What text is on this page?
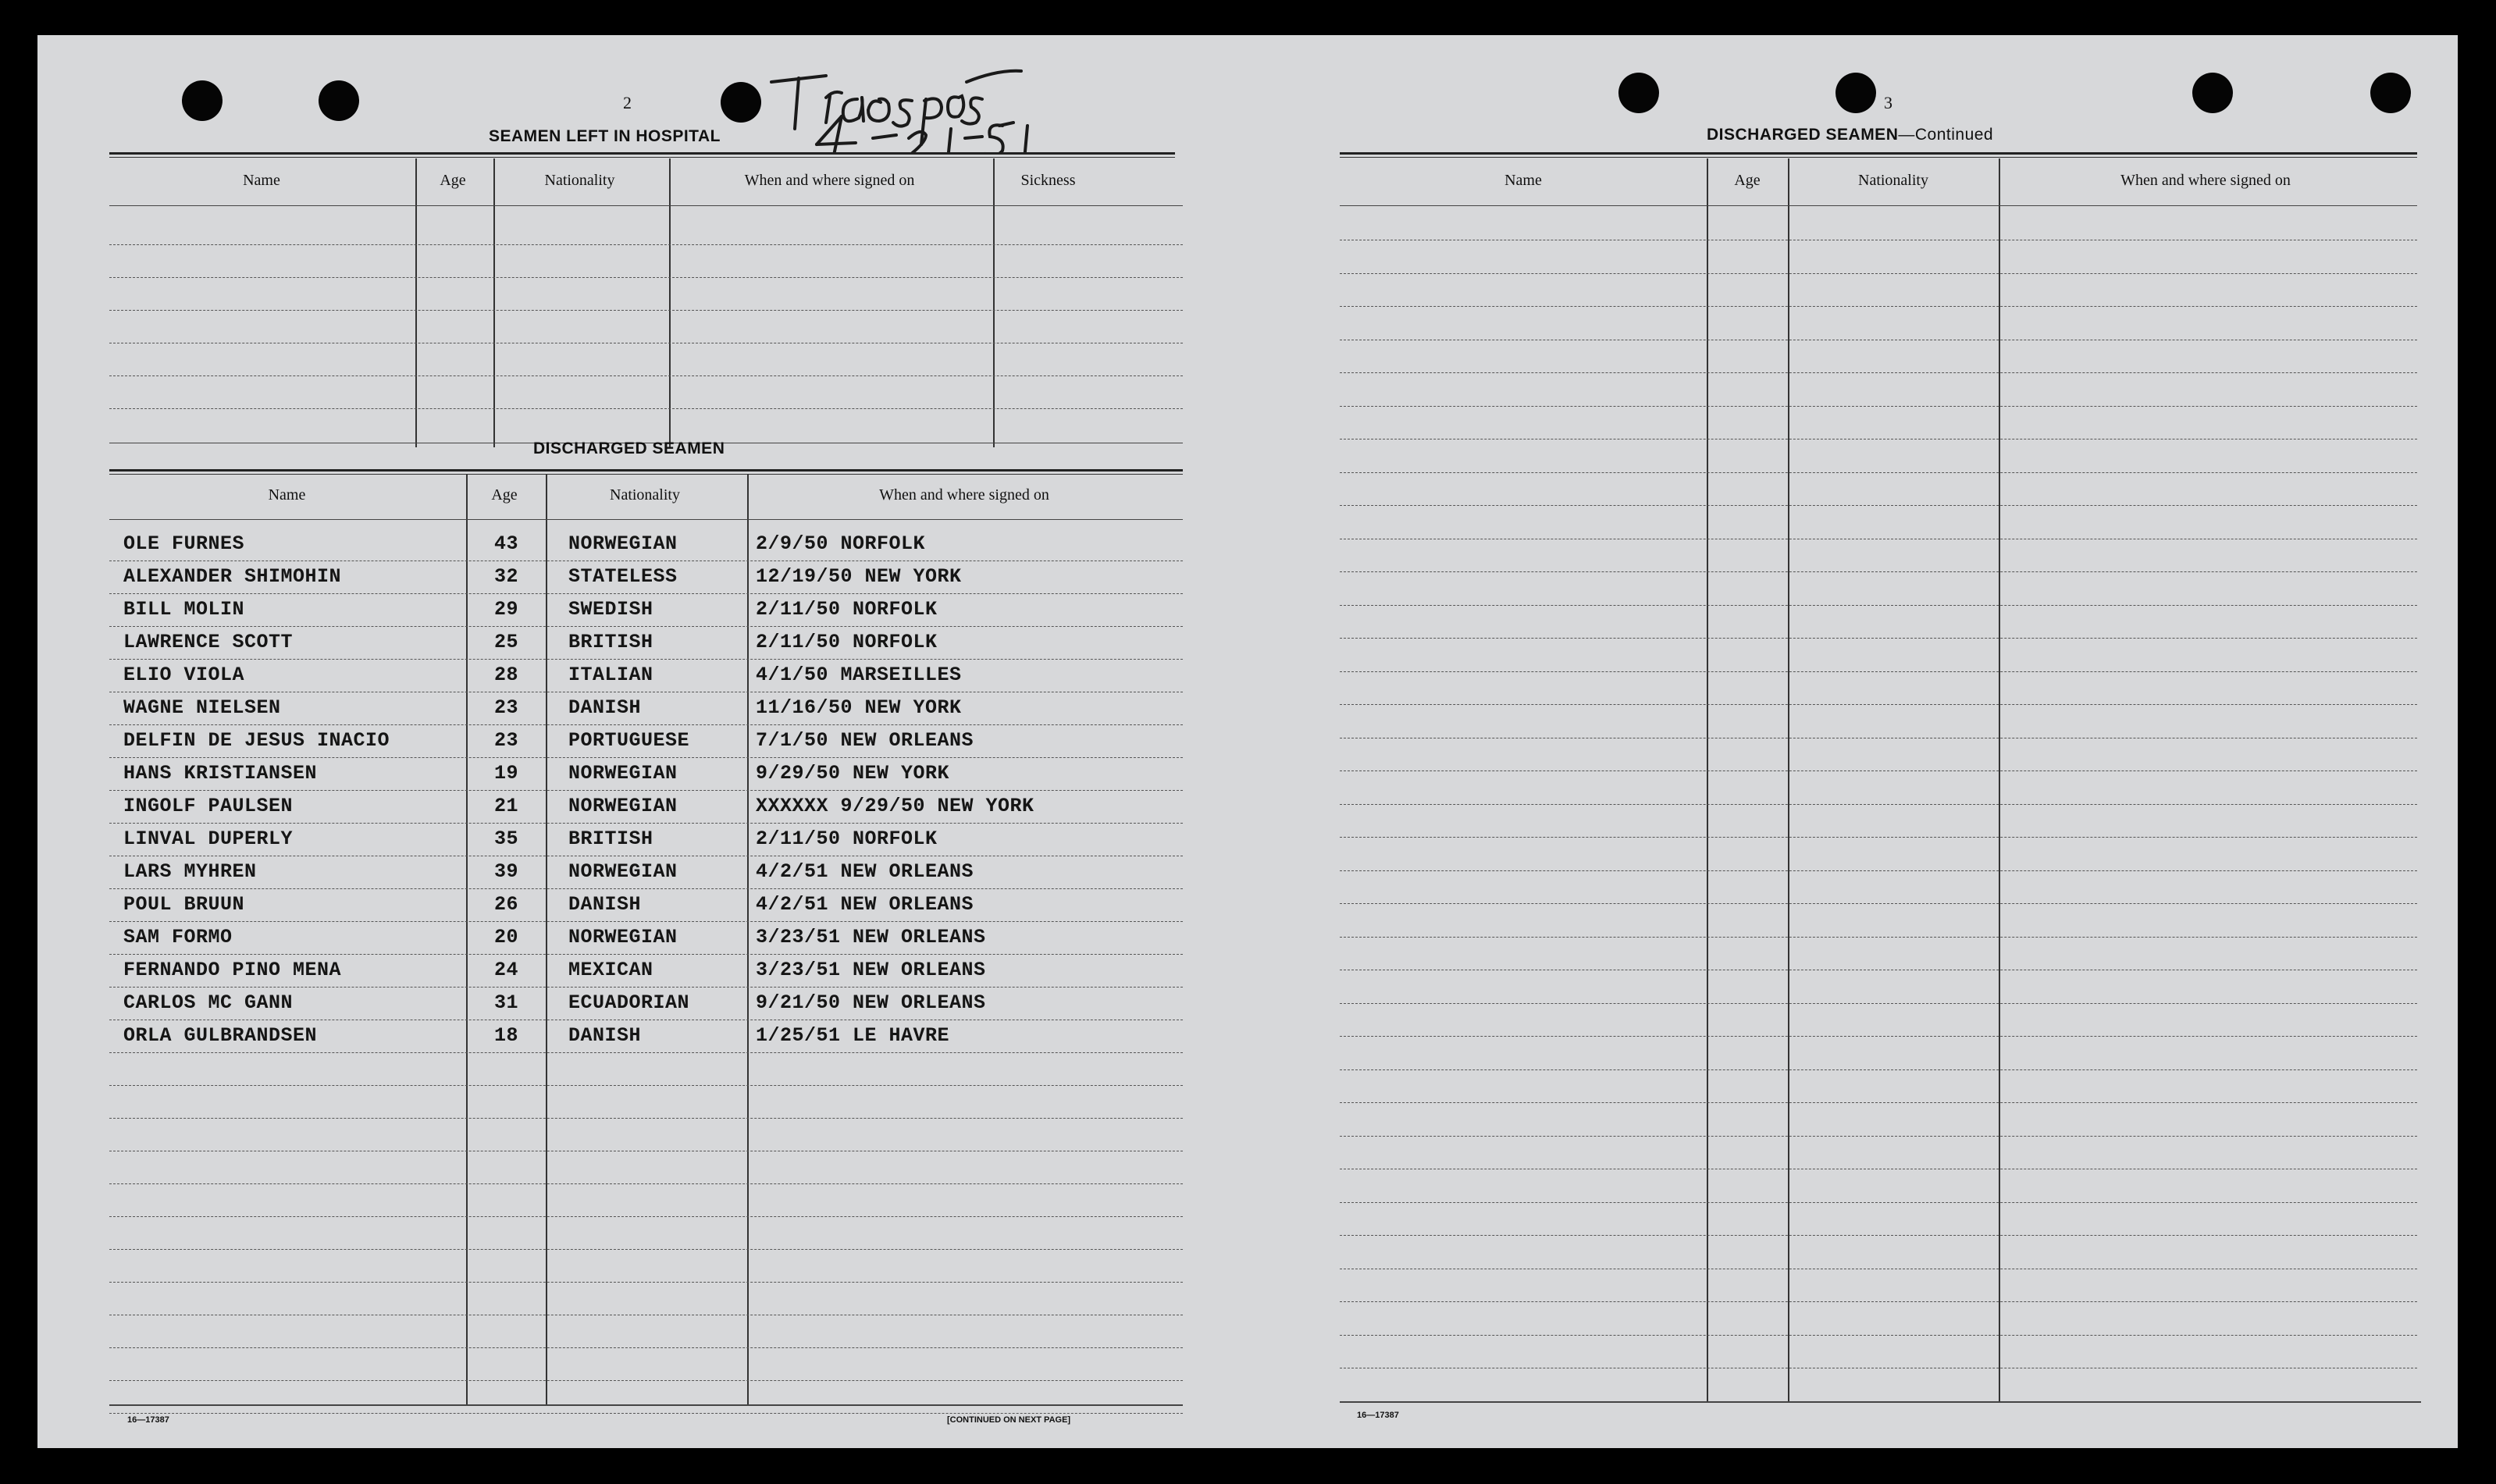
2
SEAMEN LEFT IN HOSPITAL
Name	Age	Nationality	When and where signed on	Sickness
DISCHARGED SEAMEN
Name	Age	Nationality	When and where signed on
OLE FURNES	43	NORWEGIAN	2/9/50 NORFOLK
ALEXANDER SHIMOHIN	32	STATELESS	12/19/50 NEW YORK
BILL MOLIN	29	SWEDISH	2/11/50 NORFOLK
LAWRENCE SCOTT	25	BRITISH	2/11/50 NORFOLK
ELIO VIOLA	28	ITALIAN	4/1/50 MARSEILLES
WAGNE NIELSEN	23	DANISH	11/16/50 NEW YORK
DELFIN DE JESUS INACIO	23	PORTUGUESE	7/1/50 NEW ORLEANS
HANS KRISTIANSEN	19	NORWEGIAN	9/29/50 NEW YORK
INGOLF PAULSEN	21	NORWEGIAN	XXXXXX 9/29/50 NEW YORK
LINVAL DUPERLY	35	BRITISH	2/11/50 NORFOLK
LARS MYHREN	39	NORWEGIAN	4/2/51 NEW ORLEANS
POUL BRUUN	26	DANISH	4/2/51 NEW ORLEANS
SAM FORMO	20	NORWEGIAN	3/23/51 NEW ORLEANS
FERNANDO PINO MENA	24	MEXICAN	3/23/51 NEW ORLEANS
CARLOS MC GANN	31	ECUADORIAN	9/21/50 NEW ORLEANS
ORLA GULBRANDSEN	18	DANISH	1/25/51 LE HAVRE
16—17387	[CONTINUED ON NEXT PAGE]
3
DISCHARGED SEAMEN—Continued
Name	Age	Nationality	When and where signed on
16—17387
